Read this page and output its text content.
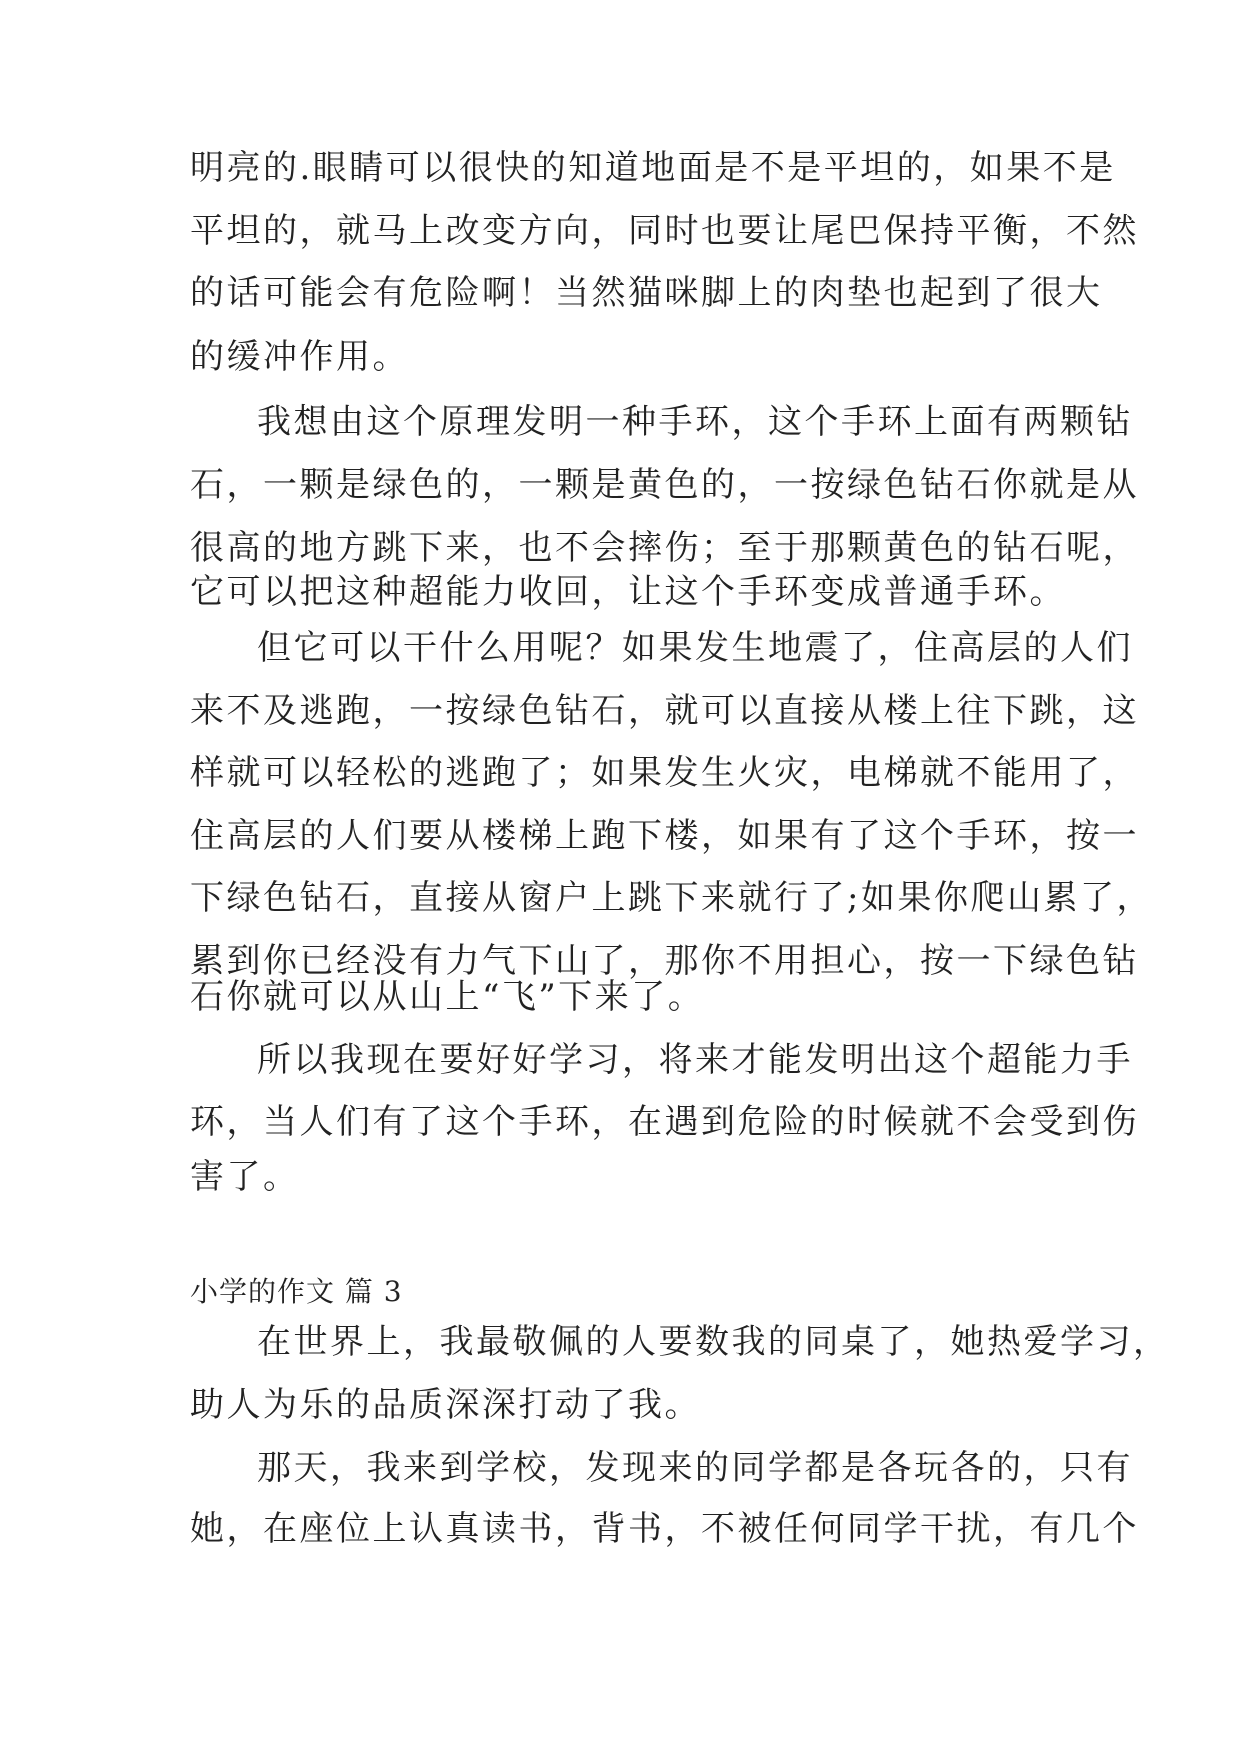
明亮的.眼睛可以很快的知道地面是不是平坦的，如果不是
平坦的，就马上改变方向，同时也要让尾巴保持平衡，不然
的话可能会有危险啊！当然猫咪脚上的肉垫也起到了很大
的缓冲作用。
我想由这个原理发明一种手环，这个手环上面有两颗钻
石，一颗是绿色的，一颗是黄色的，一按绿色钻石你就是从
很高的地方跳下来，也不会摔伤；至于那颗黄色的钻石呢，
它可以把这种超能力收回，让这个手环变成普通手环。
但它可以干什么用呢？如果发生地震了，住高层的人们
来不及逃跑，一按绿色钻石，就可以直接从楼上往下跳，这
样就可以轻松的逃跑了；如果发生火灾，电梯就不能用了，
住高层的人们要从楼梯上跑下楼，如果有了这个手环，按一
下绿色钻石，直接从窗户上跳下来就行了;如果你爬山累了，
累到你已经没有力气下山了，那你不用担心，按一下绿色钻
石你就可以从山上“飞”下来了。
所以我现在要好好学习，将来才能发明出这个超能力手
环，当人们有了这个手环，在遇到危险的时候就不会受到伤
害了。
小学的作文 篇 3
在世界上，我最敬佩的人要数我的同桌了，她热爱学习，
助人为乐的品质深深打动了我。
那天，我来到学校，发现来的同学都是各玩各的，只有
她，在座位上认真读书，背书，不被任何同学干扰，有几个
